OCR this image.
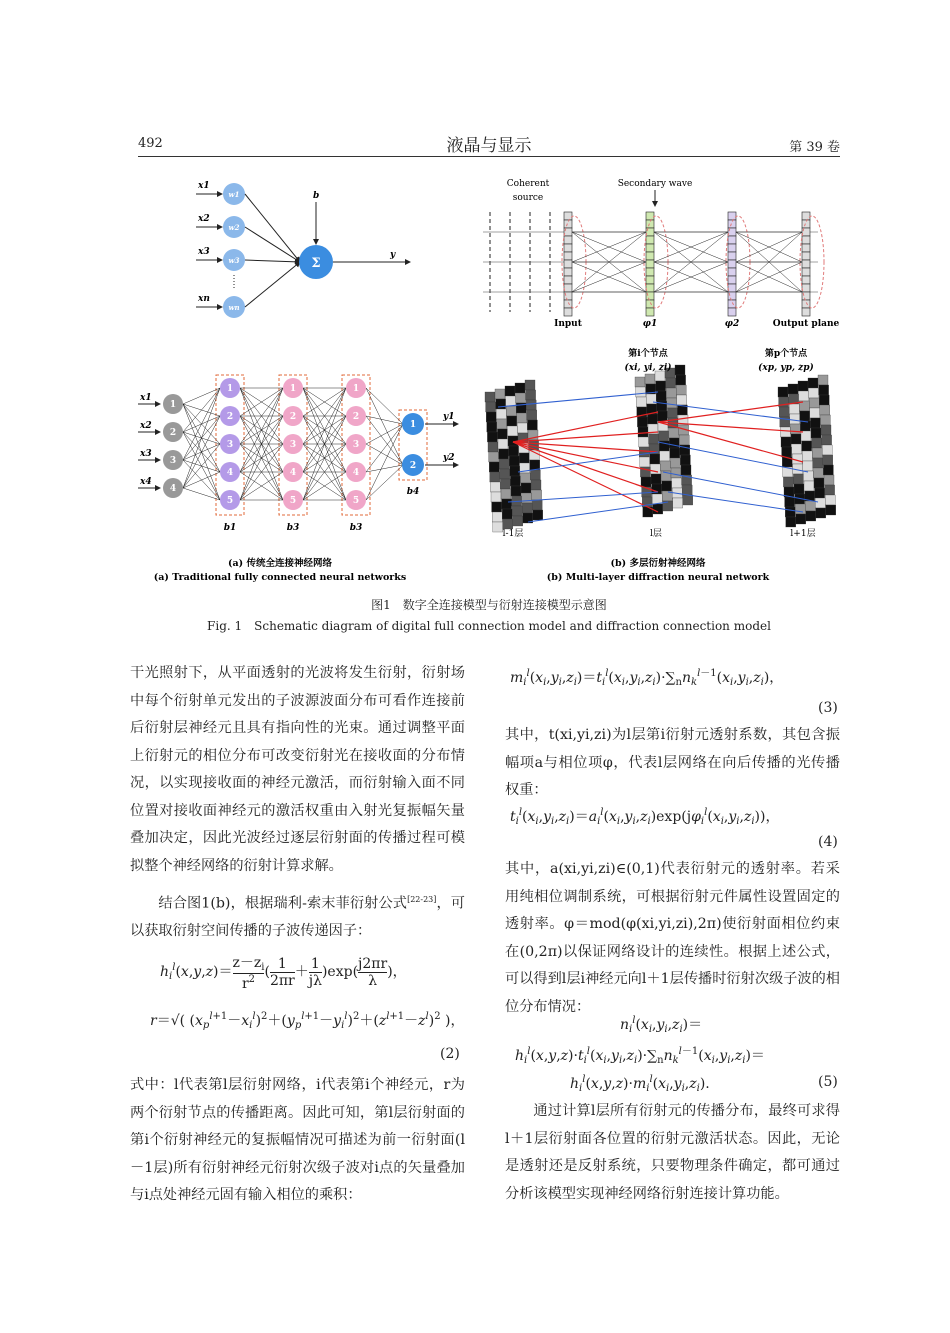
492	液晶与显示	第 39 卷
x1
w1
x2
w2
x3
w3
xn
wn
b
Σ
y
Coherent
source
Secondary wave
Input	φ1	φ2	Output plane
x1
1
x2
2
x3
3
x4
4
1
2
3
4
5
1
2
3
4
5
1
2
3
4
5
1
y1
2
y2
b1	b3	b3
b4
第i个节点
(xi, yi, zi)
第p个节点
(xp, yp, zp)
l-1层	l层	l+1层
(a) 传统全连接神经网络
(a) Traditional fully connected neural networks
(b) 多层衍射神经网络
(b) Multi-layer diffraction neural network
图1　数字全连接模型与衍射连接模型示意图
Fig. 1　Schematic diagram of digital full connection model and diffraction connection model

干光照射下，从平面透射的光波将发生衍射，衍射场中每个衍射单元发出的子波源波面分布可看作连接前后衍射层神经元且具有指向性的光束。通过调整平面上衍射元的相位分布可改变衍射光在接收面的分布情况，以实现接收面的神经元激活，而衍射输入面不同位置对接收面神经元的激活权重由入射光复振幅矢量叠加决定，因此光波经过逐层衍射面的传播过程可模拟整个神经网络的衍射计算求解。

结合图1(b)，根据瑞利-索末菲衍射公式[22-23]，可以获取衍射空间传播的子波传递因子：

$h_i^l(x,y,z)= \frac{z-z_i}{r^2}$ ( $\frac{1}{2\pi r} + \frac{1}{j\lambda} )\exp( \frac{j2\pi r}{\lambda}$ )，
r＝√( $(x_p^{l+1}-x_i^l)^2+(y_p^{l+1}-y_i^l)^2+(z^{l+1}-z^l)^2$ )，
(2)

式中：l代表第l层衍射网络，i代表第i个神经元，r为两个衍射节点的传播距离。因此可知，第l层衍射面的第i个衍射神经元的复振幅情况可描述为前一衍射面(l－1层)所有衍射神经元衍射次级子波对i点的矢量叠加与i点处神经元固有输入相位的乘积：

$m_i^l(x_i,y_i,z_i)=t_i^l(x_i,y_i,z_i)\cdot\sum_nn_k^{l-1}(x_i,y_i,z_i)$，
(3)

其中，t(xi,yi,zi)为l层第i衍射元透射系数，其包含振幅项a与相位项φ，代表l层网络在向后传播的光传播权重：

$t_i^l(x_i,y_i,z_i)=a_i^l(x_i,y_i,z_i)\exp(j\varphi_i^l(x_i,y_i,z_i))$，
(4)

其中，a(xi,yi,zi)∈(0,1)代表衍射元的透射率。若采用纯相位调制系统，可根据衍射元件属性设置固定的透射率。φ＝mod(φ(xi,yi,zi),2π)使衍射面相位约束在(0,2π)以保证网络设计的连续性。根据上述公式，可以得到l层i神经元向l＋1层传播时衍射次级子波的相位分布情况：

$n_i^l(x_i,y_i,z_i)=$
$h_i^l(x,y,z)\cdot t_i^l(x_i,y_i,z_i)\cdot\sum_nn_k^{l-1}(x_i,y_i,z_i)=$
$h_i^l(x,y,z)\cdot m_i^l(x_i,y_i,z_i)$.	(5)

通过计算l层所有衍射元的传播分布，最终可求得l＋1层衍射面各位置的衍射元激活状态。因此，无论是透射还是反射系统，只要物理条件确定，都可通过分析该模型实现神经网络衍射连接计算功能。
